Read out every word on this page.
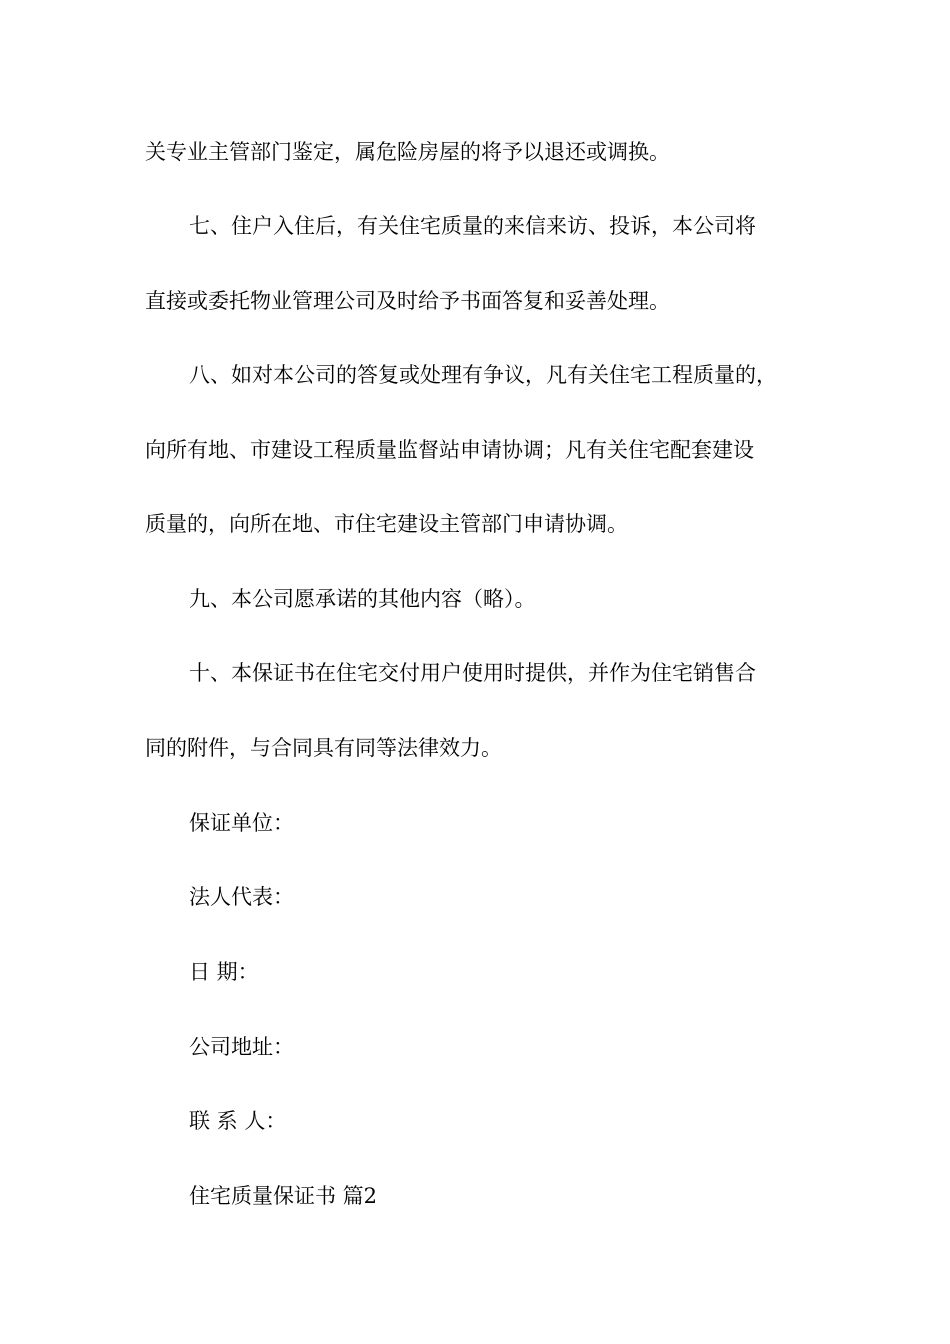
关专业主管部门鉴定，属危险房屋的将予以退还或调换。

七、住户入住后，有关住宅质量的来信来访、投诉，本公司将

直接或委托物业管理公司及时给予书面答复和妥善处理。

八、如对本公司的答复或处理有争议，凡有关住宅工程质量的，

向所有地、市建设工程质量监督站申请协调；凡有关住宅配套建设

质量的，向所在地、市住宅建设主管部门申请协调。

九、本公司愿承诺的其他内容（略）。

十、本保证书在住宅交付用户使用时提供，并作为住宅销售合

同的附件，与合同具有同等法律效力。

保证单位：

法人代表：

日 期：

公司地址：

联 系 人：

住宅质量保证书 篇2
